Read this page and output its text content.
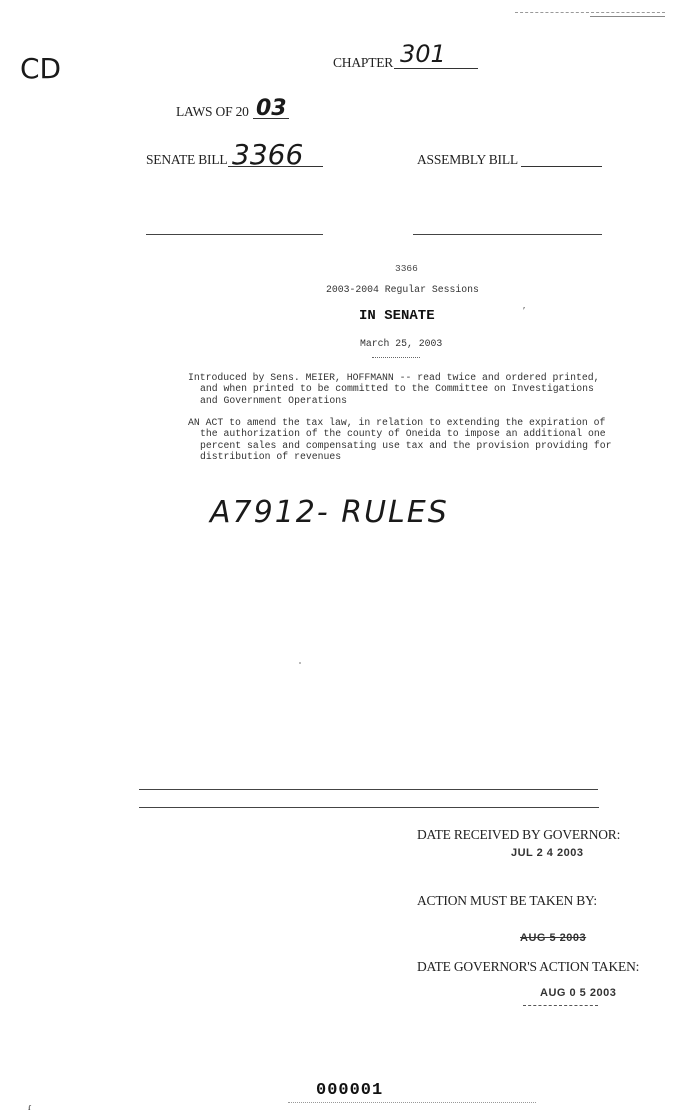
CD	CHAPTER 301
LAWS OF 20 03
SENATE BILL 3366	ASSEMBLY BILL
3366
2003-2004 Regular Sessions
IN SENATE
March 25, 2003
′
Introduced by Sens. MEIER, HOFFMANN -- read twice and ordered printed,
and when printed to be committed to the Committee on Investigations
and Government Operations
AN ACT to amend the tax law, in relation to extending the expiration of
the authorization of the county of Oneida to impose an additional one
percent sales and compensating use tax and the provision providing for
distribution of revenues
A7912- RULES
DATE RECEIVED BY GOVERNOR:
JUL 2 4 2003
ACTION MUST BE TAKEN BY:
AUG 5 2003
DATE GOVERNOR'S ACTION TAKEN:
AUG 0 5 2003
000001
ɾ
